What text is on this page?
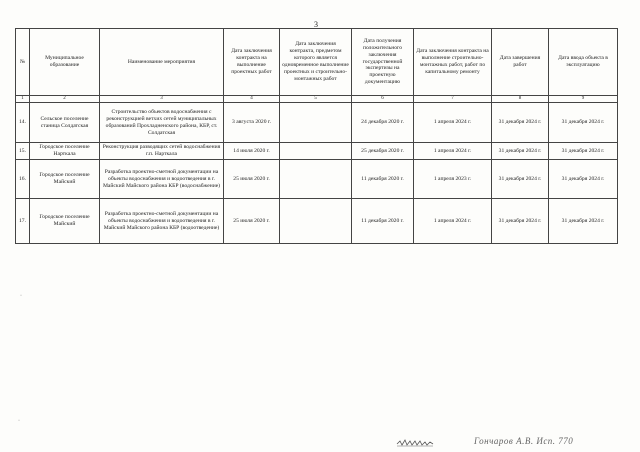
3
№	Муниципальное образование	Наименование мероприятия	Дата заключения контракта на выполнение проектных работ	Дата заключения контракта, предметом которого является одновременное выполнение проектных и строительно-монтажных работ	Дата получения положительного заключения государственной экспертизы на проектную документацию	Дата заключения контракта на выполнение строительно-монтажных работ, работ по капитальному ремонту	Дата завершения работ	Дата ввода объекта в эксплуатацию
1	2	3	4	5	6	7	8	9
14.	Сельское поселение станица Солдатская	Строительство объектов водоснабжения с реконструкцией ветхих сетей муниципальных образований Прохладненского района, КБР, ст. Солдатская	3 августа 2020 г.		24 декабря 2020 г.	1 апреля 2024 г.	31 декабря 2024 г.	31 декабря 2024 г.
15.	Городское поселение Нарткала	Реконструкция разводящих сетей водоснабжения г.п. Нарткала	14 июля 2020 г.		25 декабря 2020 г.	1 апреля 2024 г.	31 декабря 2024 г.	31 декабря 2024 г.
16.	Городское поселение Майский	Разработка проектно-сметной документации на объекты водоснабжения и водоотведения в г. Майский Майского района КБР (водоснабжение)	25 июля 2020 г.		11 декабря 2020 г.	1 апреля 2023 г.	31 декабря 2024 г.	31 декабря 2024 г.
17.	Городское поселение Майский	Разработка проектно-сметной документации на объекты водоснабжения и водоотведения в г. Майский Майского района КБР (водоотведение)	25 июля 2020 г.		11 декабря 2020 г.	1 апреля 2024 г.	31 декабря 2024 г.	31 декабря 2024 г.
·
·
Гончаров А.В. Исп. 770
